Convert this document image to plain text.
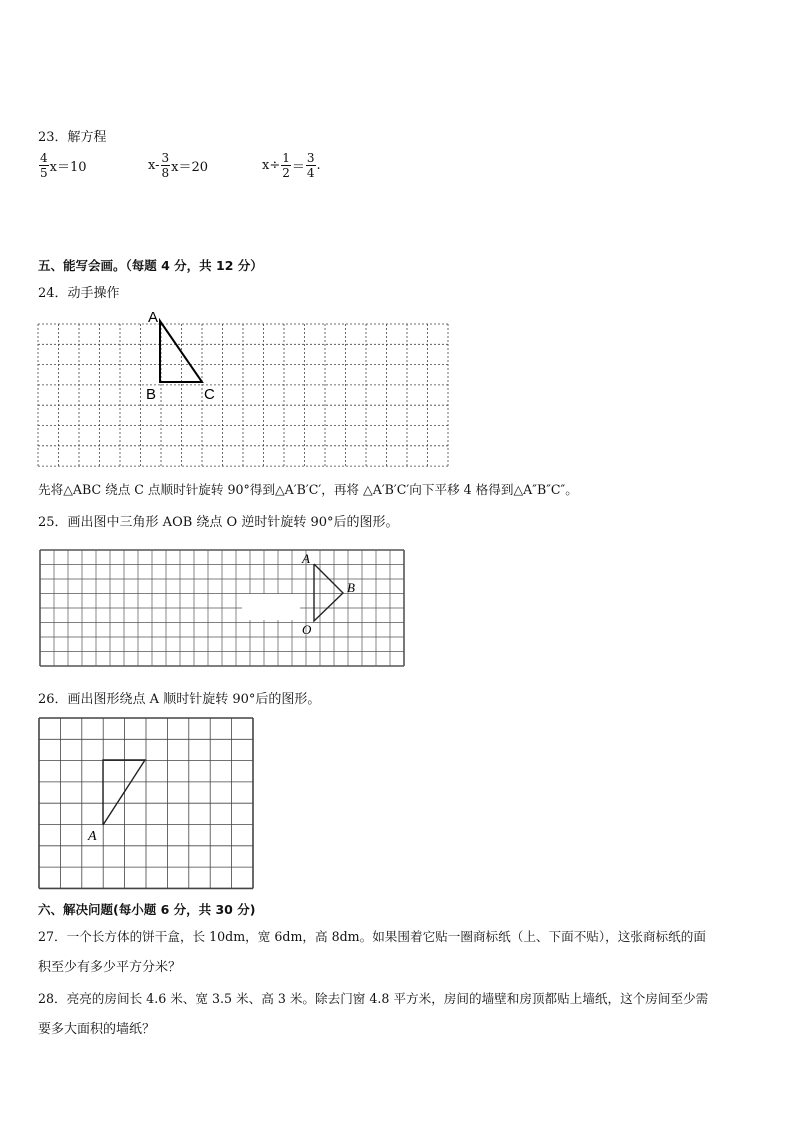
23．解方程
$\frac{4}{5} x=10$	$x- \frac{3}{8} x=20$	$x\div \frac{1}{2} = \frac{3}{4}$ .
五、能写会画。（每题 4 分，共 12 分）
24．动手操作
A
B	C
先将△ABC 绕点 C 点顺时针旋转 90°得到△A′B′C′，再将 △A′B′C′向下平移 4 格得到△A″B″C″。
25．画出图中三角形 AOB 绕点 O 逆时针旋转 90°后的图形。
A
B
O
26．画出图形绕点 A 顺时针旋转 90°后的图形。
A
六、解决问题(每小题 6 分，共 30 分)
27．一个长方体的饼干盒，长 10dm，宽 6dm，高 8dm。如果围着它贴一圈商标纸（上、下面不贴），这张商标纸的面
积至少有多少平方分米？
28．亮亮的房间长 4.6 米、宽 3.5 米、高 3 米。除去门窗 4.8 平方米，房间的墙壁和房顶都贴上墙纸，这个房间至少需
要多大面积的墙纸？
